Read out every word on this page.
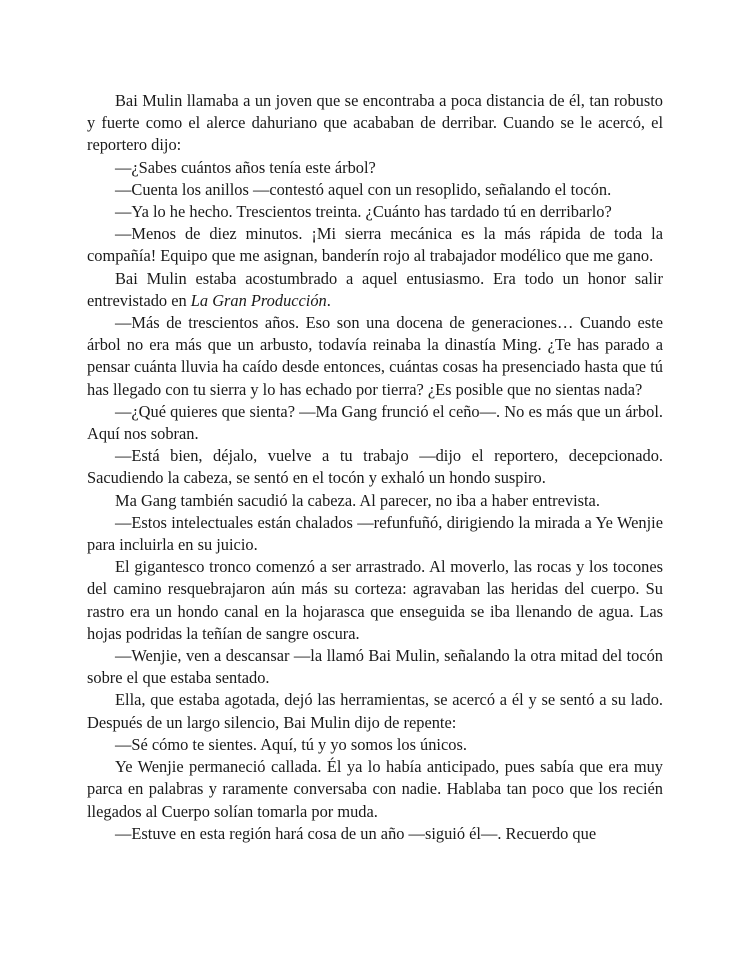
Bai Mulin llamaba a un joven que se encontraba a poca distancia de él, tan robusto y fuerte como el alerce dahuriano que acababan de derribar. Cuando se le acercó, el reportero dijo:

—¿Sabes cuántos años tenía este árbol?

—Cuenta los anillos —contestó aquel con un resoplido, señalando el tocón.

—Ya lo he hecho. Trescientos treinta. ¿Cuánto has tardado tú en derribarlo?

—Menos de diez minutos. ¡Mi sierra mecánica es la más rápida de toda la compañía! Equipo que me asignan, banderín rojo al trabajador modélico que me gano.

Bai Mulin estaba acostumbrado a aquel entusiasmo. Era todo un honor salir entrevistado en La Gran Producción.

—Más de trescientos años. Eso son una docena de generaciones… Cuando este árbol no era más que un arbusto, todavía reinaba la dinastía Ming. ¿Te has parado a pensar cuánta lluvia ha caído desde entonces, cuántas cosas ha presenciado hasta que tú has llegado con tu sierra y lo has echado por tierra? ¿Es posible que no sientas nada?

—¿Qué quieres que sienta? —Ma Gang frunció el ceño—. No es más que un árbol. Aquí nos sobran.

—Está bien, déjalo, vuelve a tu trabajo —dijo el reportero, decepcionado. Sacudiendo la cabeza, se sentó en el tocón y exhaló un hondo suspiro.

Ma Gang también sacudió la cabeza. Al parecer, no iba a haber entrevista.

—Estos intelectuales están chalados —refunfuñó, dirigiendo la mirada a Ye Wenjie para incluirla en su juicio.

El gigantesco tronco comenzó a ser arrastrado. Al moverlo, las rocas y los tocones del camino resquebrajaron aún más su corteza: agravaban las heridas del cuerpo. Su rastro era un hondo canal en la hojarasca que enseguida se iba llenando de agua. Las hojas podridas la teñían de sangre oscura.

—Wenjie, ven a descansar —la llamó Bai Mulin, señalando la otra mitad del tocón sobre el que estaba sentado.

Ella, que estaba agotada, dejó las herramientas, se acercó a él y se sentó a su lado. Después de un largo silencio, Bai Mulin dijo de repente:

—Sé cómo te sientes. Aquí, tú y yo somos los únicos.

Ye Wenjie permaneció callada. Él ya lo había anticipado, pues sabía que era muy parca en palabras y raramente conversaba con nadie. Hablaba tan poco que los recién llegados al Cuerpo solían tomarla por muda.

—Estuve en esta región hará cosa de un año —siguió él—. Recuerdo que
